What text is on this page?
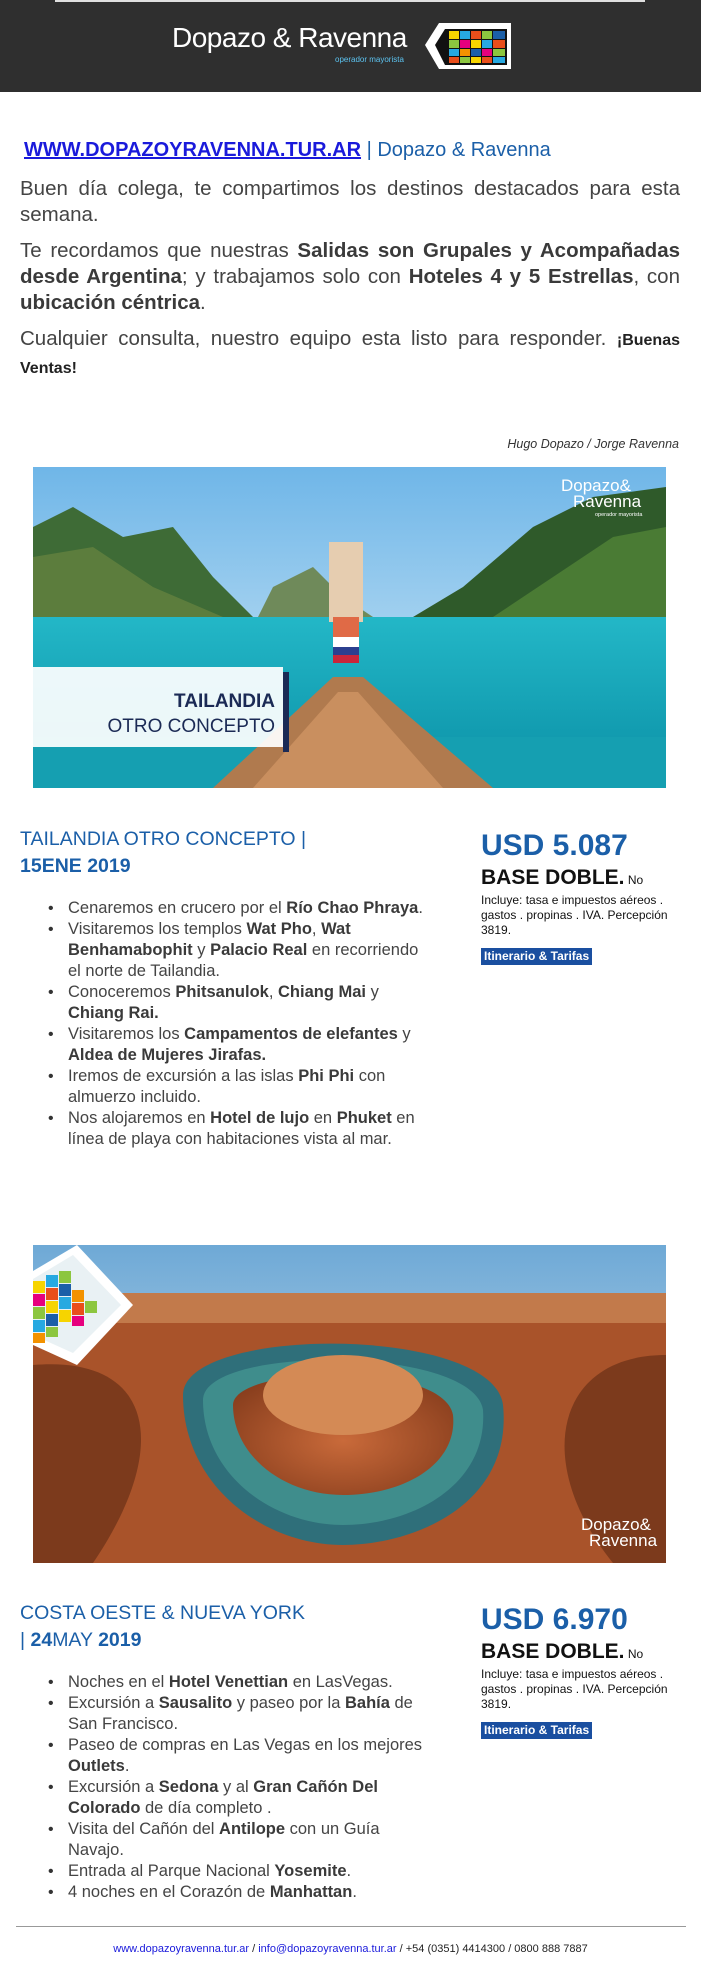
Dopazo & Ravenna
operador mayorista
WWW.DOPAZOYRAVENNA.TUR.AR | Dopazo & Ravenna

Buen día colega, te compartimos los destinos destacados para esta semana.

Te recordamos que nuestras Salidas son Grupales y Acompañadas desde Argentina; y trabajamos solo con Hoteles 4 y 5 Estrellas, con ubicación céntrica.

Cualquier consulta, nuestro equipo esta listo para responder. ¡Buenas Ventas!

Hugo Dopazo / Jorge Ravenna
TAILANDIA
OTRO CONCEPTO
Dopazo&
Ravenna
operador mayorista
TAILANDIA OTRO CONCEPTO |
15ENE 2019
• Cenaremos en crucero por el Río Chao Phraya.
• Visitaremos los templos Wat Pho, Wat Benhamabophit y Palacio Real en recorriendo el norte de Tailandia.
• Conoceremos Phitsanulok, Chiang Mai y Chiang Rai.
• Visitaremos los Campamentos de elefantes y Aldea de Mujeres Jirafas.
• Iremos de excursión a las islas Phi Phi con almuerzo incluido.
• Nos alojaremos en Hotel de lujo en Phuket en línea de playa con habitaciones vista al mar.
USD 5.087
BASE DOBLE. No
Incluye: tasa e impuestos aéreos . gastos . propinas . IVA. Percepción 3819.
Itinerario & Tarifas
Dopazo&
Ravenna
COSTA OESTE & NUEVA YORK
| 24MAY 2019
• Noches en el Hotel Venettian en LasVegas.
• Excursión a Sausalito y paseo por la Bahía de San Francisco.
• Paseo de compras en Las Vegas en los mejores Outlets.
• Excursión a Sedona y al Gran Cañón Del Colorado de día completo .
• Visita del Cañón del Antilope con un Guía Navajo.
• Entrada al Parque Nacional Yosemite.
• 4 noches en el Corazón de Manhattan.
USD 6.970
BASE DOBLE. No
Incluye: tasa e impuestos aéreos . gastos . propinas . IVA. Percepción 3819.
Itinerario & Tarifas
www.dopazoyravenna.tur.ar / info@dopazoyravenna.tur.ar / +54 (0351) 4414300 / 0800 888 7887
